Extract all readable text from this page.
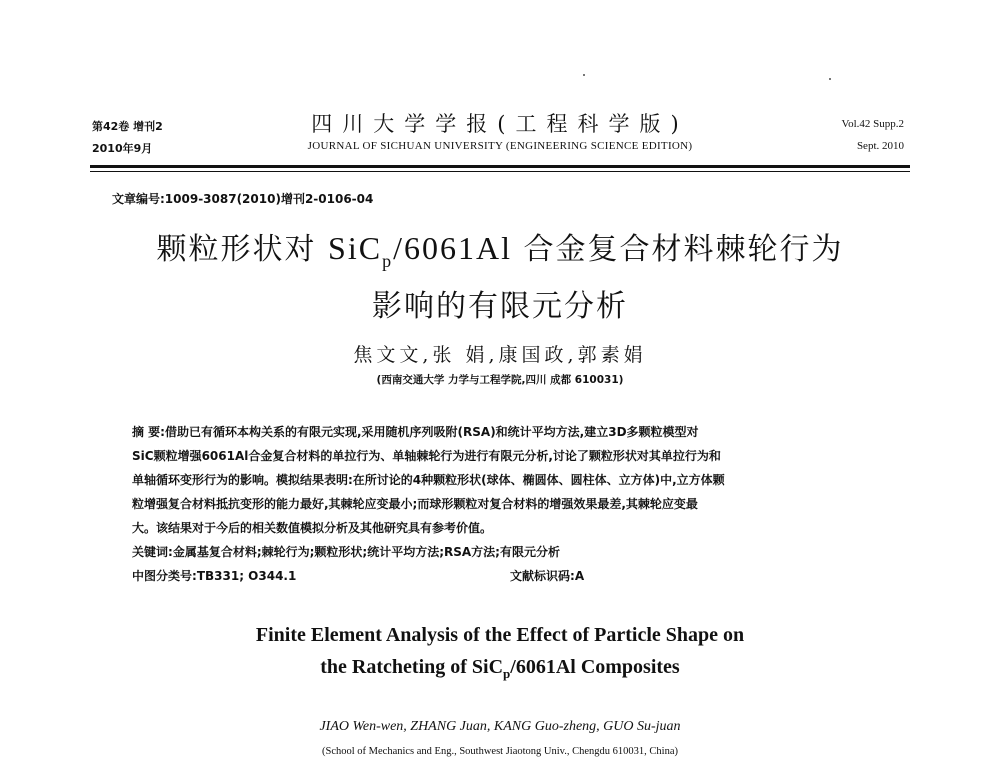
第42卷 增刊2
2010年9月
四川大学学报(工程科学版)
JOURNAL OF SICHUAN UNIVERSITY (ENGINEERING SCIENCE EDITION)
Vol.42 Supp.2
Sept. 2010
文章编号:1009-3087(2010)增刊2-0106-04
颗粒形状对 SiC$_p$/6061Al 合金复合材料棘轮行为
影响的有限元分析
焦文文,张 娟,康国政,郭素娟
(西南交通大学 力学与工程学院,四川 成都 610031)
摘 要:借助已有循环本构关系的有限元实现,采用随机序列吸附(RSA)和统计平均方法,建立3D多颗粒模型对
SiC颗粒增强6061Al合金复合材料的单拉行为、单轴棘轮行为进行有限元分析,讨论了颗粒形状对其单拉行为和
单轴循环变形行为的影响。模拟结果表明:在所讨论的4种颗粒形状(球体、椭圆体、圆柱体、立方体)中,立方体颗
粒增强复合材料抵抗变形的能力最好,其棘轮应变最小;而球形颗粒对复合材料的增强效果最差,其棘轮应变最
大。该结果对于今后的相关数值模拟分析及其他研究具有参考价值。
关键词:金属基复合材料;棘轮行为;颗粒形状;统计平均方法;RSA方法;有限元分析
中图分类号:TB331; O344.1	文献标识码:A
Finite Element Analysis of the Effect of Particle Shape on
the Ratcheting of SiC$_p$/6061Al Composites
JIAO Wen-wen, ZHANG Juan, KANG Guo-zheng, GUO Su-juan
(School of Mechanics and Eng., Southwest Jiaotong Univ., Chengdu 610031, China)
